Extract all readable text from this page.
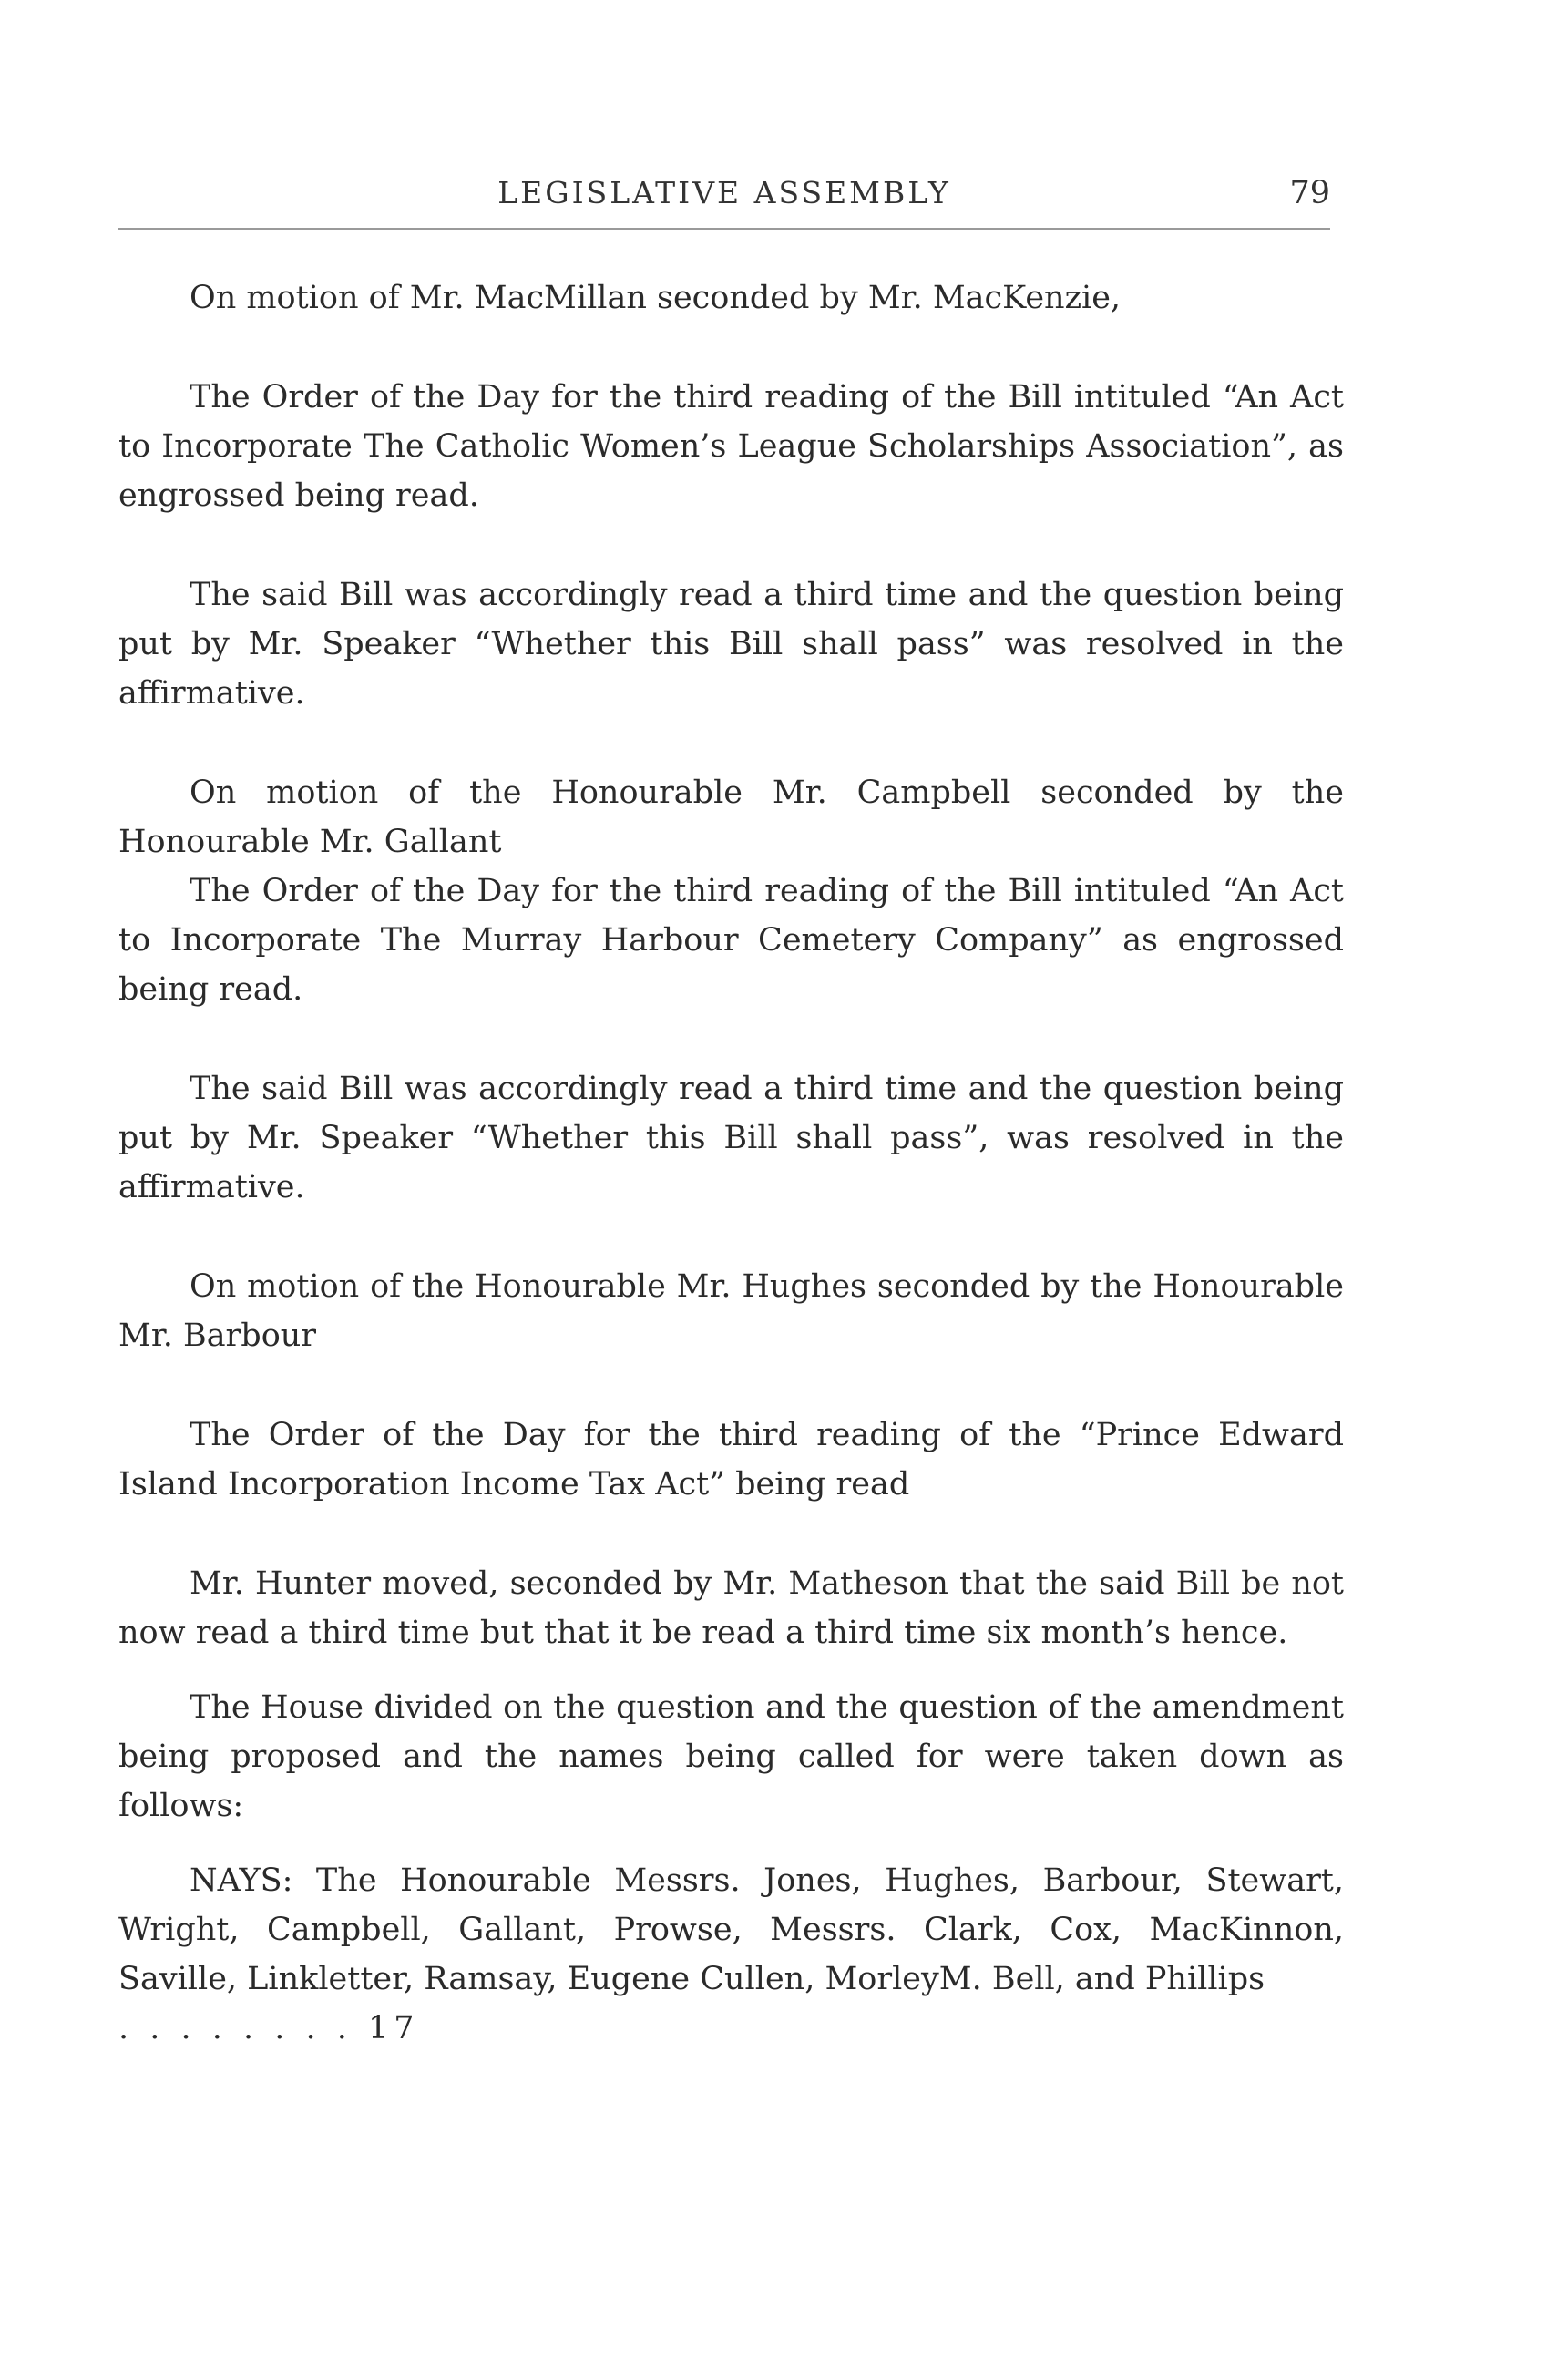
LEGISLATIVE ASSEMBLY	79

On motion of Mr. MacMillan seconded by Mr. MacKenzie,

The Order of the Day for the third reading of the Bill intituled “An Act to Incorporate The Catholic Women’s League Scholarships Association”, as engrossed being read.

The said Bill was accordingly read a third time and the question being put by Mr. Speaker “Whether this Bill shall pass” was resolved in the affirmative.

On motion of the Honourable Mr. Campbell seconded by the Honourable Mr. Gallant

The Order of the Day for the third reading of the Bill intituled “An Act to Incorporate The Murray Harbour Cemetery Company” as engrossed being read.

The said Bill was accordingly read a third time and the question being put by Mr. Speaker “Whether this Bill shall pass”, was resolved in the affirmative.

On motion of the Honourable Mr. Hughes seconded by the Honourable Mr. Barbour

The Order of the Day for the third reading of the “Prince Edward Island Incorporation Income Tax Act” being read

Mr. Hunter moved, seconded by Mr. Matheson that the said Bill be not now read a third time but that it be read a third time six month’s hence.

The House divided on the question and the question of the amendment being proposed and the names being called for were taken down as follows:

NAYS: The Honourable Messrs. Jones, Hughes, Barbour, Stewart, Wright, Campbell, Gallant, Prowse, Messrs. Clark, Cox, MacKinnon, Saville, Linkletter, Ramsay, Eugene Cullen, MorleyM. Bell, and Phillips

. . . . . . . . 17
